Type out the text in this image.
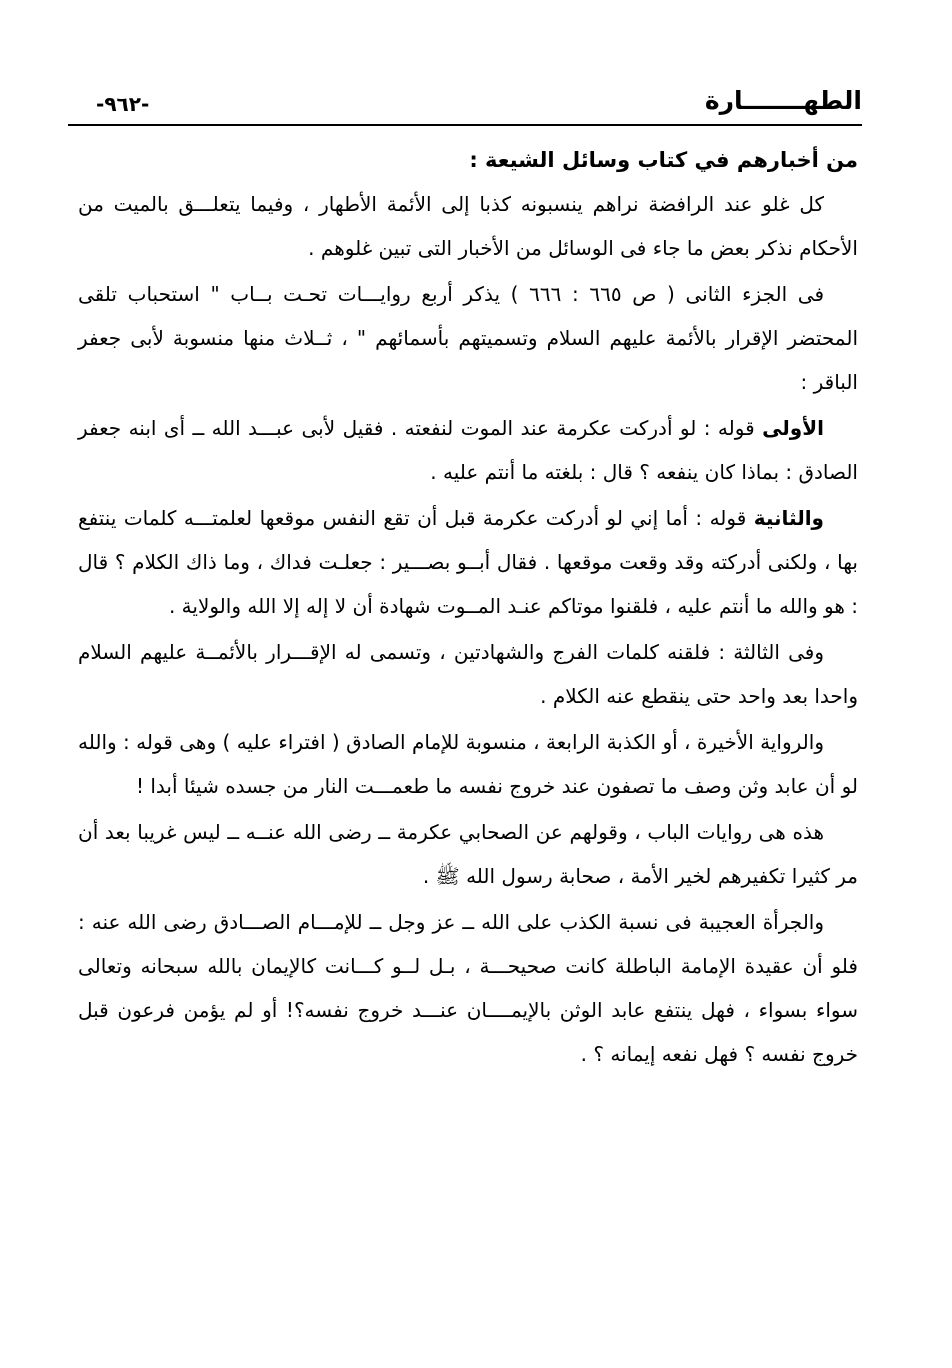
الطهـــــــارة
-٩٦٢-

من أخبارهم في كتاب وسائل الشيعة :

كل غلو عند الرافضة نراهم ينسبونه كذبا إلى الأئمة الأطهار ، وفيما يتعلـــق بالميت من الأحكام نذكر بعض ما جاء فى الوسائل من الأخبار التى تبين غلوهم .

فى الجزء الثانى ( ص ٦٦٥ : ٦٦٦ ) يذكر أربع روايـــات تحـت بــاب " استحباب تلقى المحتضر الإقرار بالأئمة عليهم السلام وتسميتهم بأسمائهم " ، ثــلاث منها منسوبة لأبى جعفر الباقر :

الأولى قوله : لو أدركت عكرمة عند الموت لنفعته . فقيل لأبى عبـــد الله ــ أى ابنه جعفر الصادق : بماذا كان ينفعه ؟ قال : بلغته ما أنتم عليه .

والثانية قوله : أما إني لو أدركت عكرمة قبل أن تقع النفس موقعها لعلمتـــه كلمات ينتفع بها ، ولكنى أدركته وقد وقعت موقعها . فقال أبــو بصـــير : جعلـت فداك ، وما ذاك الكلام ؟ قال : هو والله ما أنتم عليه ، فلقنوا موتاكم عنـد المــوت شهادة أن لا إله إلا الله والولاية .

وفى الثالثة : فلقنه كلمات الفرج والشهادتين ، وتسمى له الإقـــرار بالأئمــة عليهم السلام واحدا بعد واحد حتى ينقطع عنه الكلام .

والرواية الأخيرة ، أو الكذبة الرابعة ، منسوبة للإمام الصادق ( افتراء عليه ) وهى قوله : والله لو أن عابد وثن وصف ما تصفون عند خروج نفسه ما طعمـــت النار من جسده شيئا أبدا !

هذه هى روايات الباب ، وقولهم عن الصحابي عكرمة ــ رضى الله عنــه ــ ليس غريبا بعد أن مر كثيرا تكفيرهم لخير الأمة ، صحابة رسول الله ﷺ .

والجرأة العجيبة فى نسبة الكذب على الله ــ عز وجل ــ للإمـــام الصـــادق رضى الله عنه : فلو أن عقيدة الإمامة الباطلة كانت صحيحـــة ، بـل لــو كـــانت كالإيمان بالله سبحانه وتعالى سواء بسواء ، فهل ينتفع عابد الوثن بالإيمــــان عنـــد خروج نفسه؟! أو لم يؤمن فرعون قبل خروج نفسه ؟ فهل نفعه إيمانه ؟ .
